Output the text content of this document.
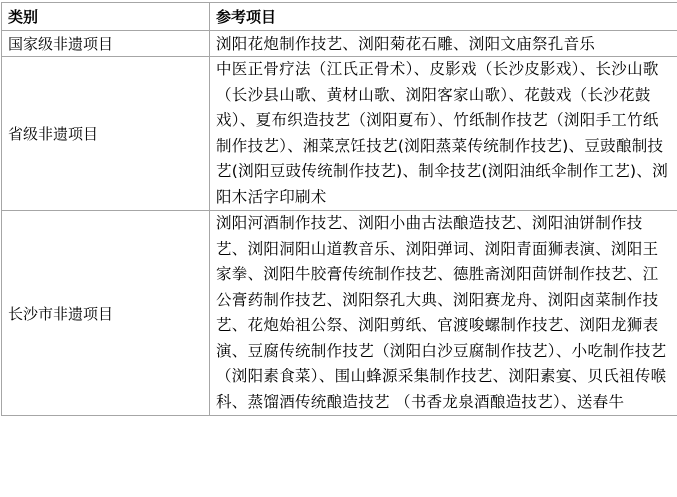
类别	参考项目
国家级非遗项目	浏阳花炮制作技艺、浏阳菊花石雕、浏阳文庙祭孔音乐
省级非遗项目	中医正骨疗法（江氏正骨术）、皮影戏（长沙皮影戏）、长沙山歌（长沙县山歌、黄材山歌、浏阳客家山歌）、花鼓戏（长沙花鼓戏）、夏布织造技艺（浏阳夏布）、竹纸制作技艺（浏阳手工竹纸制作技艺）、湘菜烹饪技艺(浏阳蒸菜传统制作技艺)、豆豉酿制技艺(浏阳豆豉传统制作技艺)、制伞技艺(浏阳油纸伞制作工艺)、浏阳木活字印刷术
长沙市非遗项目	浏阳河酒制作技艺、浏阳小曲古法酿造技艺、浏阳油饼制作技艺、浏阳洞阳山道教音乐、浏阳弹词、浏阳青面狮表演、浏阳王家拳、浏阳牛胶膏传统制作技艺、德胜斋浏阳茴饼制作技艺、江公膏药制作技艺、浏阳祭孔大典、浏阳赛龙舟、浏阳卤菜制作技艺、花炮始祖公祭、浏阳剪纸、官渡唆螺制作技艺、浏阳龙狮表演、豆腐传统制作技艺（浏阳白沙豆腐制作技艺）、小吃制作技艺（浏阳素食菜）、围山蜂源采集制作技艺、浏阳素宴、贝氏祖传喉科、蒸馏酒传统酿造技艺 （书香龙泉酒酿造技艺）、送春牛
